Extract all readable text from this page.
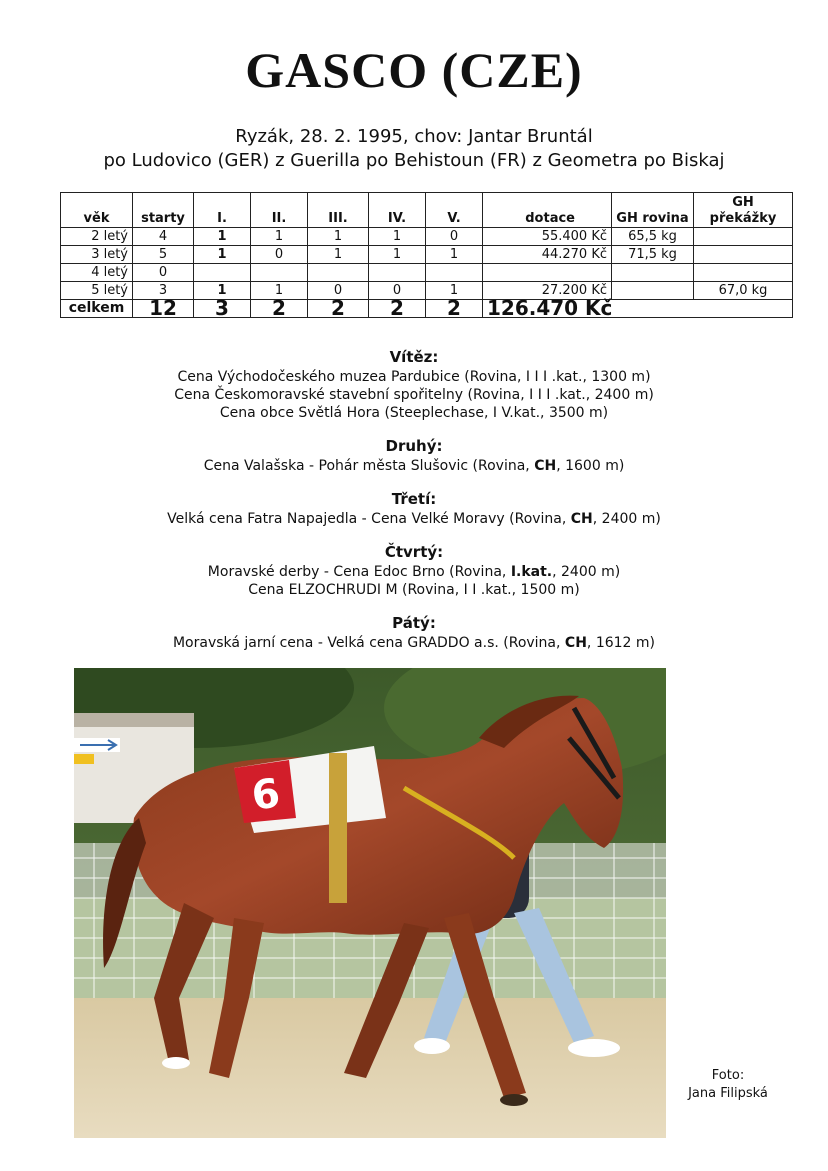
GASCO (CZE)
Ryzák, 28. 2. 1995, chov: Jantar Bruntál
po Ludovico (GER) z Guerilla po Behistoun (FR) z Geometra po Biskaj
věk	starty	I.	II.	III.	IV.	V.	dotace	GH rovina	GH překážky
2 letý	4	1	1	1	1	0	55.400 Kč	65,5 kg	
3 letý	5	1	0	1	1	1	44.270 Kč	71,5 kg	
4 letý	0								
5 letý	3	1	1	0	0	1	27.200 Kč		67,0 kg
celkem	12	3	2	2	2	2	126.470 Kč		
Vítěz:
Cena Východočeského muzea Pardubice (Rovina, I I I .kat., 1300 m)
Cena Českomoravské stavební spořitelny (Rovina, I I I .kat., 2400 m)
Cena obce Světlá Hora (Steeplechase, I V.kat., 3500 m)
Druhý:
Cena Valašska - Pohár města Slušovic (Rovina, CH, 1600 m)
Třetí:
Velká cena Fatra Napajedla - Cena Velké Moravy (Rovina, CH, 2400 m)
Čtvrtý:
Moravské derby - Cena Edoc Brno (Rovina, I.kat., 2400 m)
Cena ELZOCHRUDI M (Rovina, I I .kat., 1500 m)
Pátý:
Moravská jarní cena - Velká cena GRADDO a.s. (Rovina, CH, 1612 m)
6
Foto:
Jana Filipská
